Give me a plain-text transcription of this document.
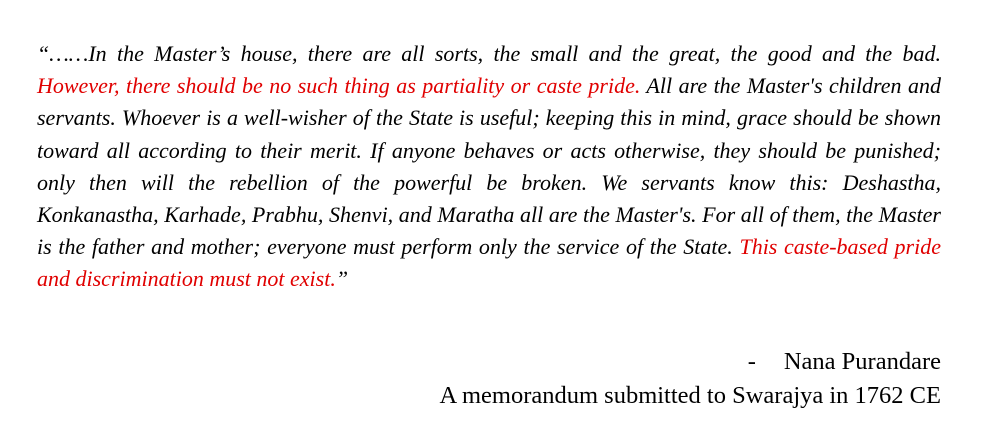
“……In the Master’s house, there are all sorts, the small and the great, the good and the bad. However, there should be no such thing as partiality or caste pride. All are the Master's children and servants. Whoever is a well-wisher of the State is useful; keeping this in mind, grace should be shown toward all according to their merit. If anyone behaves or acts otherwise, they should be punished; only then will the rebellion of the powerful be broken. We servants know this: Deshastha, Konkanastha, Karhade, Prabhu, Shenvi, and Maratha all are the Master's. For all of them, the Master is the father and mother; everyone must perform only the service of the State. This caste-based pride and discrimination must not exist.”

- Nana Purandare
A memorandum submitted to Swarajya in 1762 CE
